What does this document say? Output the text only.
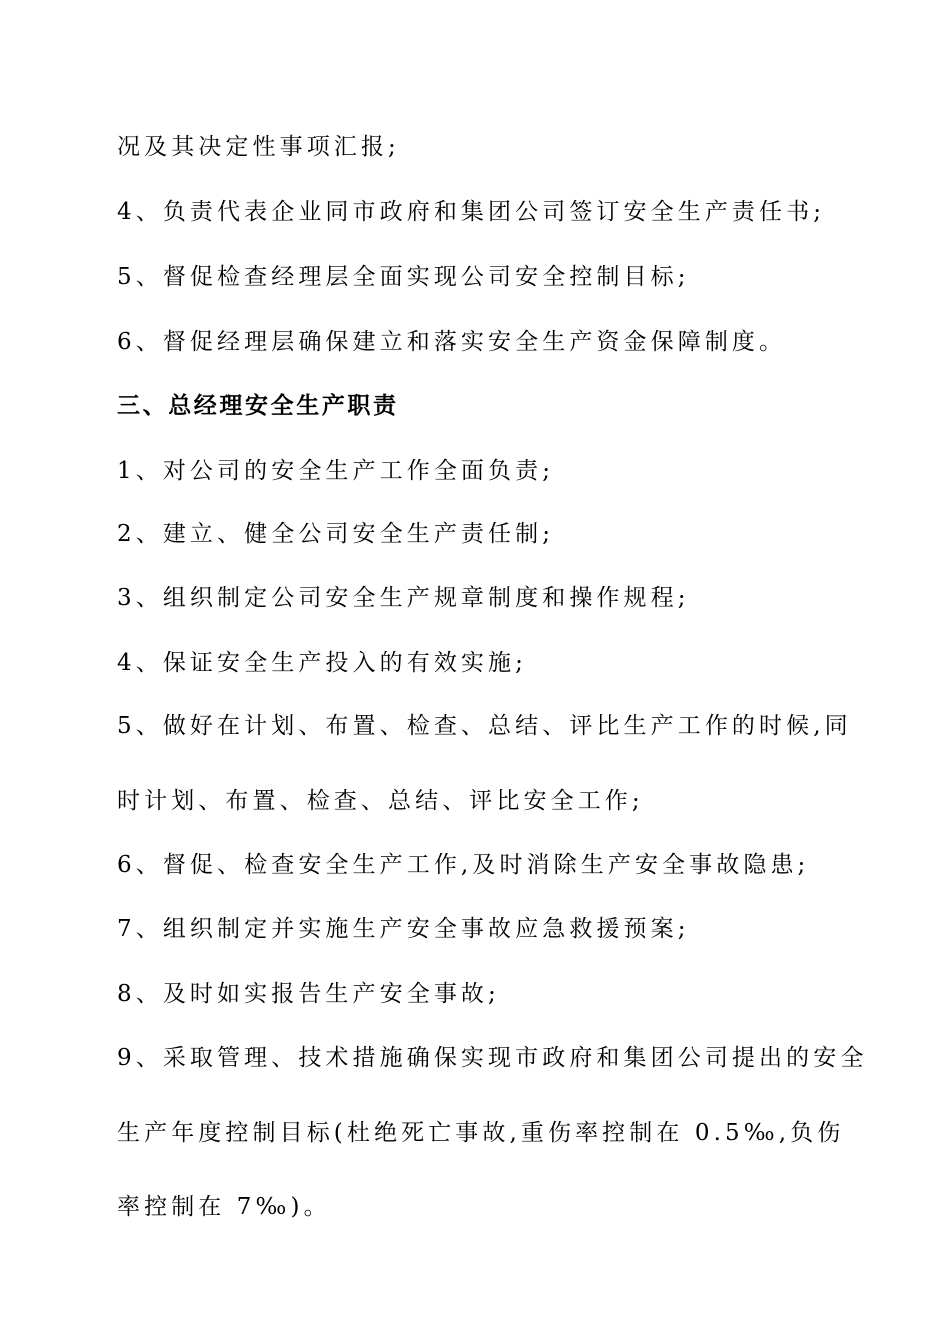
况及其决定性事项汇报;
4、负责代表企业同市政府和集团公司签订安全生产责任书;
5、督促检查经理层全面实现公司安全控制目标;
6、督促经理层确保建立和落实安全生产资金保障制度。
三、总经理安全生产职责
1、对公司的安全生产工作全面负责;
2、建立、健全公司安全生产责任制;
3、组织制定公司安全生产规章制度和操作规程;
4、保证安全生产投入的有效实施;
5、做好在计划、布置、检查、总结、评比生产工作的时候,同
时计划、布置、检查、总结、评比安全工作;
6、督促、检查安全生产工作,及时消除生产安全事故隐患;
7、组织制定并实施生产安全事故应急救援预案;
8、及时如实报告生产安全事故;
9、采取管理、技术措施确保实现市政府和集团公司提出的安全
生产年度控制目标(杜绝死亡事故,重伤率控制在 0.5‰,负伤
率控制在 7‰)。
